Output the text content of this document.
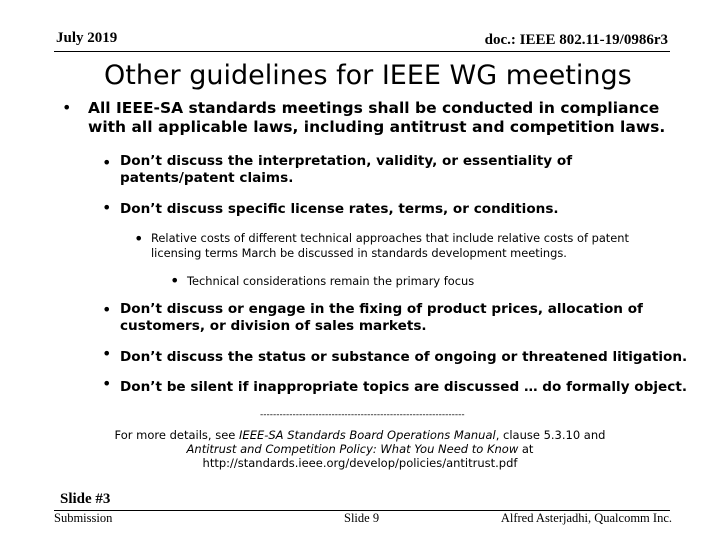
July 2019	doc.: IEEE 802.11-19/0986r3
Other guidelines for IEEE WG meetings
• All IEEE-SA standards meetings shall be conducted in compliance with all applicable laws, including antitrust and competition laws.
• Don’t discuss the interpretation, validity, or essentiality of patents/patent claims.
• Don’t discuss specific license rates, terms, or conditions.
• Relative costs of different technical approaches that include relative costs of patent licensing terms March be discussed in standards development meetings.
• Technical considerations remain the primary focus
• Don’t discuss or engage in the fixing of product prices, allocation of customers, or division of sales markets.
• Don’t discuss the status or substance of ongoing or threatened litigation.
• Don’t be silent if inappropriate topics are discussed … do formally object.
---------------------------------------------------------------
For more details, see IEEE-SA Standards Board Operations Manual, clause 5.3.10 and
Antitrust and Competition Policy: What You Need to Know at
http://standards.ieee.org/develop/policies/antitrust.pdf
Slide #3
Submission	Slide 9	Alfred Asterjadhi, Qualcomm Inc.
